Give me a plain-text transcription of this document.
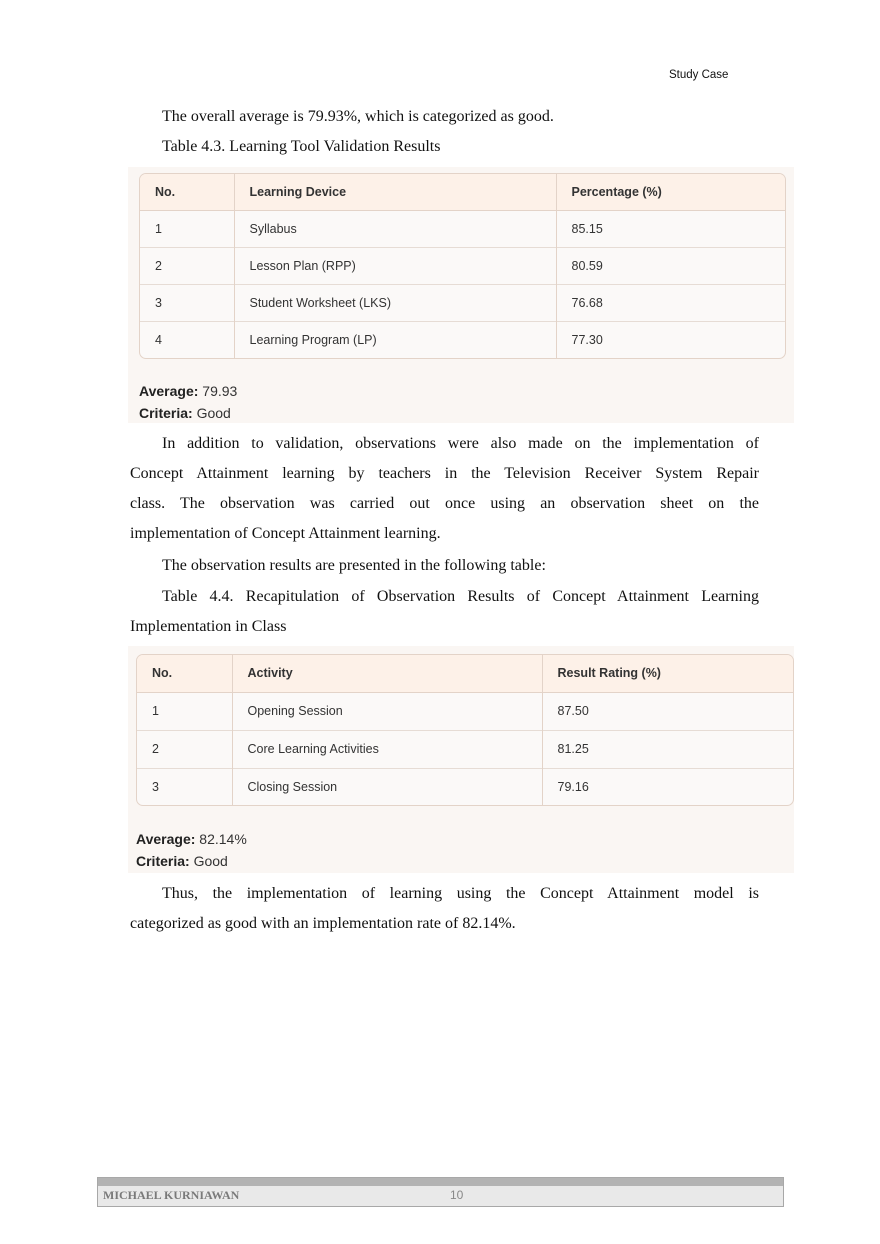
Study Case
The overall average is 79.93%, which is categorized as good.
Table 4.3. Learning Tool Validation Results
No.	Learning Device	Percentage (%)
1	Syllabus	85.15
2	Lesson Plan (RPP)	80.59
3	Student Worksheet (LKS)	76.68
4	Learning Program (LP)	77.30
Average: 79.93
Criteria: Good
In addition to validation, observations were also made on the implementation of
Concept Attainment learning by teachers in the Television Receiver System Repair
class. The observation was carried out once using an observation sheet on the
implementation of Concept Attainment learning.
The observation results are presented in the following table:
Table 4.4. Recapitulation of Observation Results of Concept Attainment Learning
Implementation in Class
No.	Activity	Result Rating (%)
1	Opening Session	87.50
2	Core Learning Activities	81.25
3	Closing Session	79.16
Average: 82.14%
Criteria: Good
Thus, the implementation of learning using the Concept Attainment model is
categorized as good with an implementation rate of 82.14%.
MICHAEL KURNIAWAN	10
